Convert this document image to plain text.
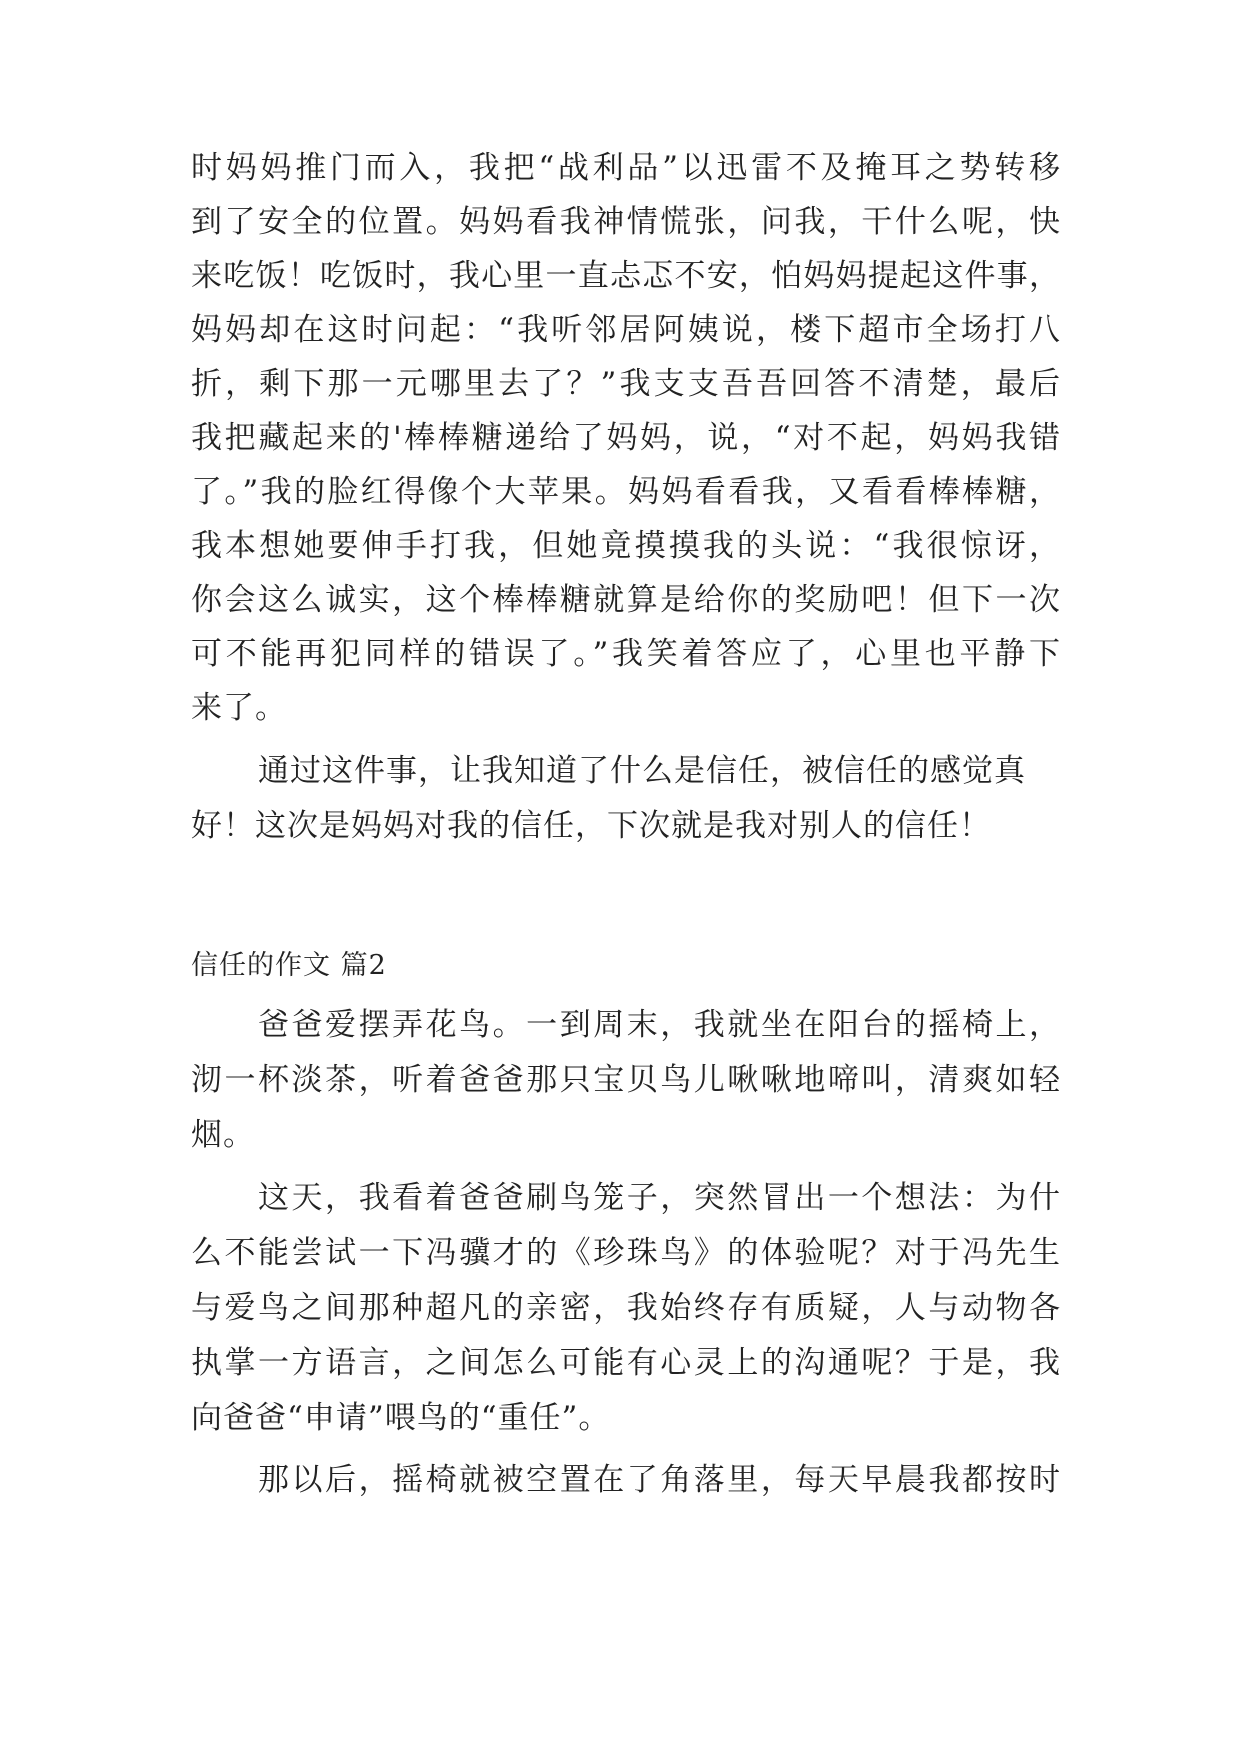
时妈妈推门而入，我把“战利品”以迅雷不及掩耳之势转移
到了安全的位置。妈妈看我神情慌张，问我，干什么呢，快
来吃饭！吃饭时，我心里一直忐忑不安，怕妈妈提起这件事，
妈妈却在这时问起：“我听邻居阿姨说，楼下超市全场打八
折，剩下那一元哪里去了？”我支支吾吾回答不清楚，最后
我把藏起来的'棒棒糖递给了妈妈，说，“对不起，妈妈我错
了。”我的脸红得像个大苹果。妈妈看看我，又看看棒棒糖，
我本想她要伸手打我，但她竟摸摸我的头说：“我很惊讶，
你会这么诚实，这个棒棒糖就算是给你的奖励吧！但下一次
可不能再犯同样的错误了。”我笑着答应了，心里也平静下
来了。
通过这件事，让我知道了什么是信任，被信任的感觉真
好！这次是妈妈对我的信任，下次就是我对别人的信任！
信任的作文 篇2
爸爸爱摆弄花鸟。一到周末，我就坐在阳台的摇椅上，
沏一杯淡茶，听着爸爸那只宝贝鸟儿啾啾地啼叫，清爽如轻
烟。
这天，我看着爸爸刷鸟笼子，突然冒出一个想法：为什
么不能尝试一下冯骥才的《珍珠鸟》的体验呢？对于冯先生
与爱鸟之间那种超凡的亲密，我始终存有质疑，人与动物各
执掌一方语言，之间怎么可能有心灵上的沟通呢？于是，我
向爸爸“申请”喂鸟的“重任”。
那以后，摇椅就被空置在了角落里，每天早晨我都按时
